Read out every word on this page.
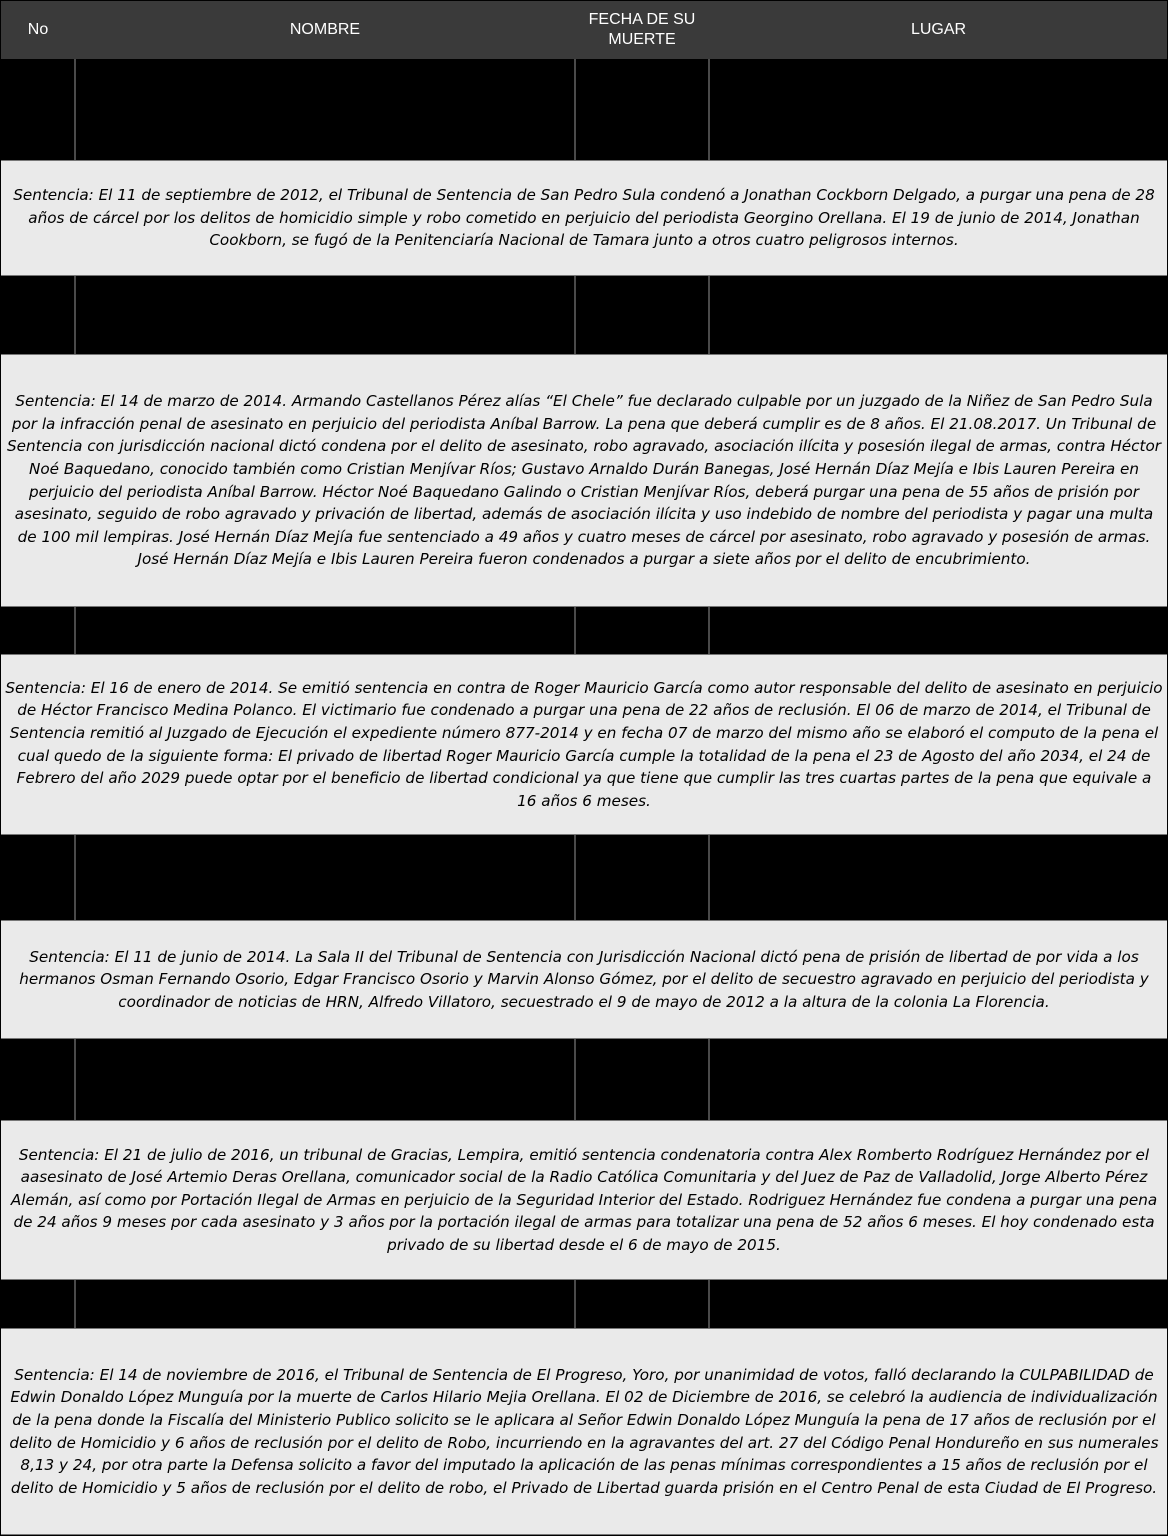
No	NOMBRE
FECHA DE SU MUERTE
LUGAR

Sentencia: El 11 de septiembre de 2012, el Tribunal de Sentencia de San Pedro Sula condenó a Jonathan Cockborn Delgado, a purgar una pena de 28 años de cárcel por los delitos de homicidio simple y robo cometido en perjuicio del periodista Georgino Orellana. El 19 de junio de 2014, Jonathan Cookborn, se fugó de la Penitenciaría Nacional de Tamara junto a otros cuatro peligrosos internos.

Sentencia: El 14 de marzo de 2014. Armando Castellanos Pérez alías “El Chele” fue declarado culpable por un juzgado de la Niñez de San Pedro Sula por la infracción penal de asesinato en perjuicio del periodista Aníbal Barrow. La pena que deberá cumplir es de 8 años. El 21.08.2017. Un Tribunal de Sentencia con jurisdicción nacional dictó condena por el delito de asesinato, robo agravado, asociación ilícita y posesión ilegal de armas, contra Héctor Noé Baquedano, conocido también como Cristian Menjívar Ríos; Gustavo Arnaldo Durán Banegas, José Hernán Díaz Mejía e Ibis Lauren Pereira en perjuicio del periodista Aníbal Barrow. Héctor Noé Baquedano Galindo o Cristian Menjívar Ríos, deberá purgar una pena de 55 años de prisión por asesinato, seguido de robo agravado y privación de libertad, además de asociación ilícita y uso indebido de nombre del periodista y pagar una multa de 100 mil lempiras. José Hernán Díaz Mejía fue sentenciado a 49 años y cuatro meses de cárcel por asesinato, robo agravado y posesión de armas. José Hernán Díaz Mejía e Ibis Lauren Pereira fueron condenados a purgar a siete años por el delito de encubrimiento.

Sentencia: El 16 de enero de 2014. Se emitió sentencia en contra de Roger Mauricio García como autor responsable del delito de asesinato en perjuicio de Héctor Francisco Medina Polanco. El victimario fue condenado a purgar una pena de 22 años de reclusión. El 06 de marzo de 2014, el Tribunal de Sentencia remitió al Juzgado de Ejecución el expediente número 877-2014 y en fecha 07 de marzo del mismo año se elaboró el computo de la pena el cual quedo de la siguiente forma: El privado de libertad Roger Mauricio García cumple la totalidad de la pena el 23 de Agosto del año 2034, el 24 de Febrero del año 2029 puede optar por el beneficio de libertad condicional ya que tiene que cumplir las tres cuartas partes de la pena que equivale a 16 años 6 meses.

Sentencia: El 11 de junio de 2014. La Sala II del Tribunal de Sentencia con Jurisdicción Nacional dictó pena de prisión de libertad de por vida a los hermanos Osman Fernando Osorio, Edgar Francisco Osorio y Marvin Alonso Gómez, por el delito de secuestro agravado en perjuicio del periodista y coordinador de noticias de HRN, Alfredo Villatoro, secuestrado el 9 de mayo de 2012 a la altura de la colonia La Florencia.

Sentencia: El 21 de julio de 2016, un tribunal de Gracias, Lempira, emitió sentencia condenatoria contra Alex Romberto Rodríguez Hernández por el aasesinato de José Artemio Deras Orellana, comunicador social de la Radio Católica Comunitaria y del Juez de Paz de Valladolid, Jorge Alberto Pérez Alemán, así como por Portación Ilegal de Armas en perjuicio de la Seguridad Interior del Estado. Rodriguez Hernández fue condena a purgar una pena de 24 años 9 meses por cada asesinato y 3 años por la portación ilegal de armas para totalizar una pena de 52 años 6 meses. El hoy condenado esta privado de su libertad desde el 6 de mayo de 2015.

Sentencia: El 14 de noviembre de 2016, el Tribunal de Sentencia de El Progreso, Yoro, por unanimidad de votos, falló declarando la CULPABILIDAD de Edwin Donaldo López Munguía por la muerte de Carlos Hilario Mejia Orellana. El 02 de Diciembre de 2016, se celebró la audiencia de individualización de la pena donde la Fiscalía del Ministerio Publico solicito se le aplicara al Señor Edwin Donaldo López Munguía la pena de 17 años de reclusión por el delito de Homicidio y 6 años de reclusión por el delito de Robo, incurriendo en la agravantes del art. 27 del Código Penal Hondureño en sus numerales 8,13 y 24, por otra parte la Defensa solicito a favor del imputado la aplicación de las penas mínimas correspondientes a 15 años de reclusión por el delito de Homicidio y 5 años de reclusión por el delito de robo, el Privado de Libertad guarda prisión en el Centro Penal de esta Ciudad de El Progreso.
